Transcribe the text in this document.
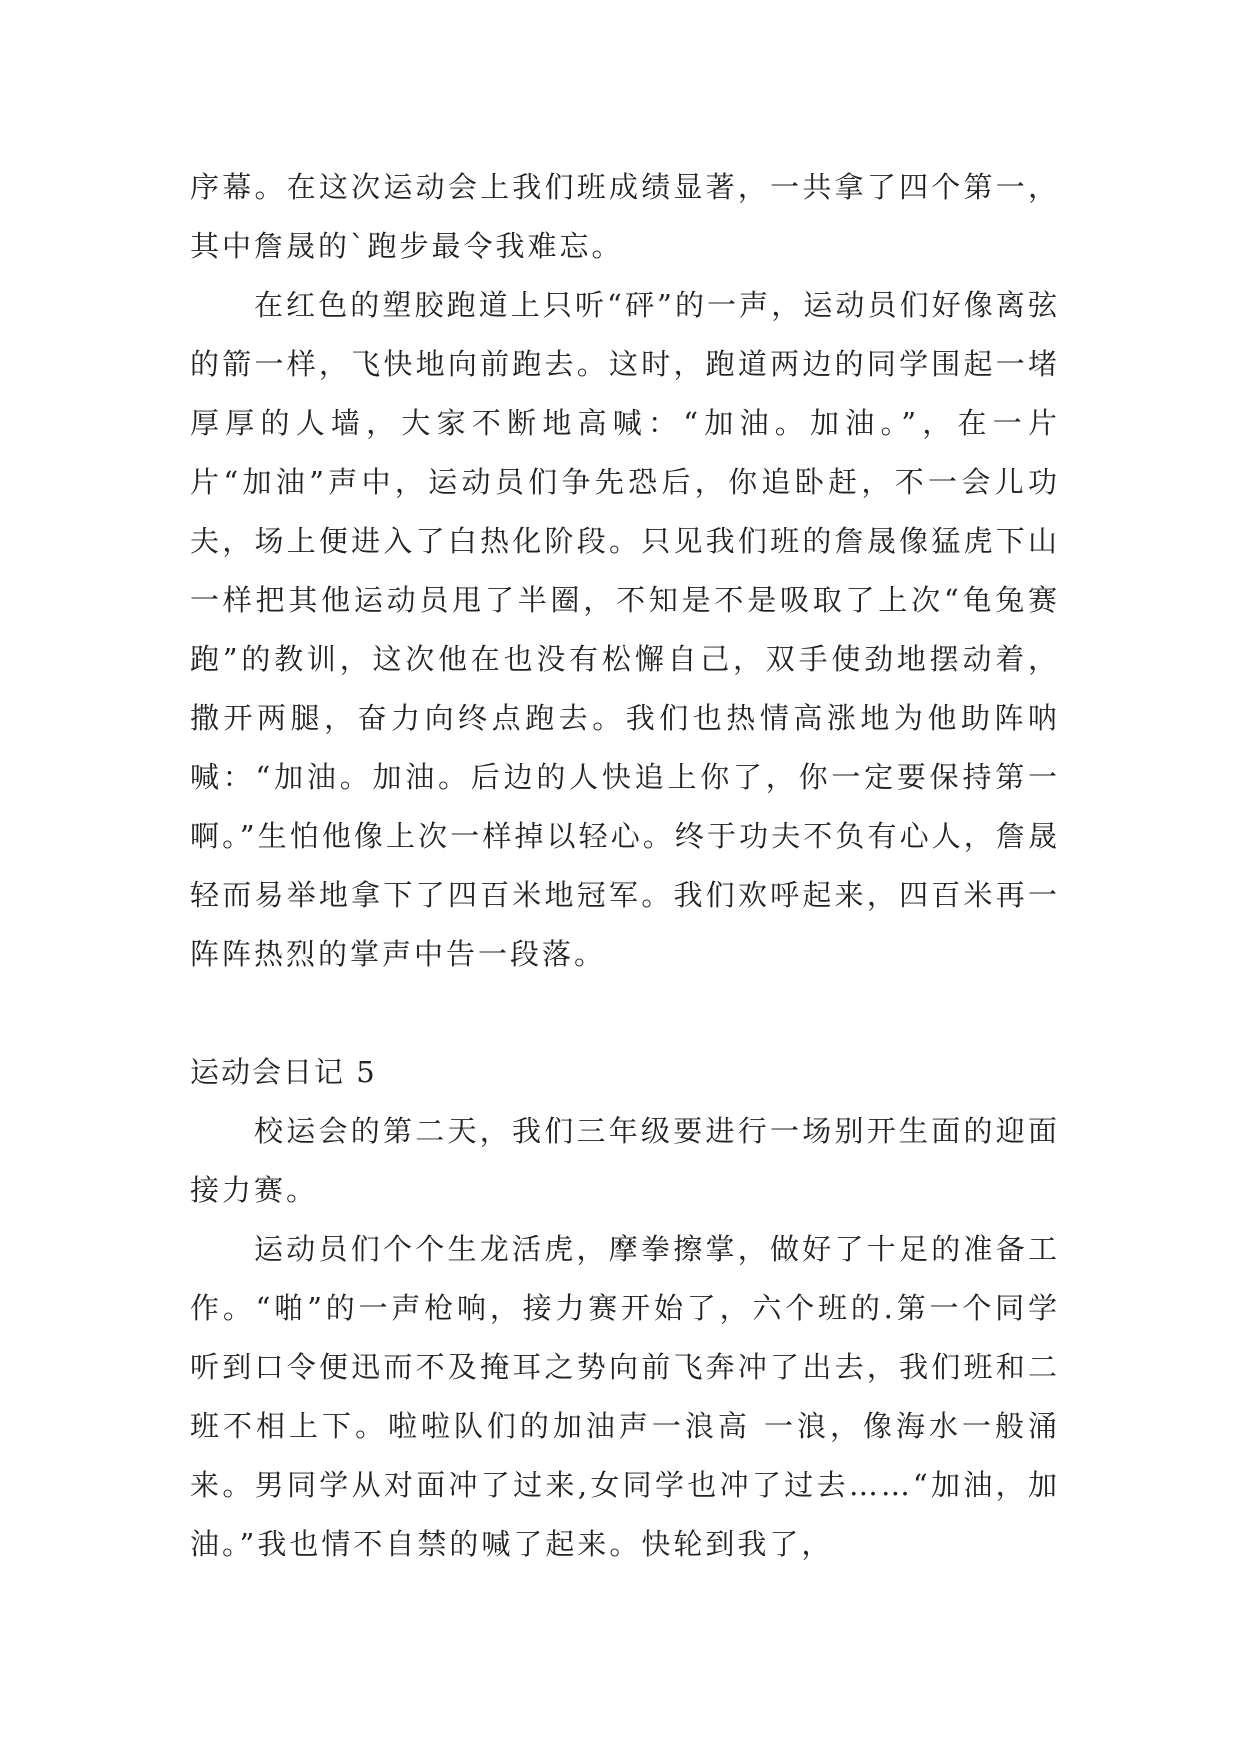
序幕。在这次运动会上我们班成绩显著，一共拿了四个第一，其中詹晟的`跑步最令我难忘。

在红色的塑胶跑道上只听“砰”的一声，运动员们好像离弦的箭一样，飞快地向前跑去。这时，跑道两边的同学围起一堵厚厚的人墙，大家不断地高喊：“加油。加油。”，在一片片“加油”声中，运动员们争先恐后，你追卧赶，不一会儿功夫，场上便进入了白热化阶段。只见我们班的詹晟像猛虎下山一样把其他运动员甩了半圈，不知是不是吸取了上次“龟兔赛跑”的教训，这次他在也没有松懈自己，双手使劲地摆动着，撒开两腿，奋力向终点跑去。我们也热情高涨地为他助阵呐喊：“加油。加油。后边的人快追上你了，你一定要保持第一啊。”生怕他像上次一样掉以轻心。终于功夫不负有心人，詹晟轻而易举地拿下了四百米地冠军。我们欢呼起来，四百米再一阵阵热烈的掌声中告一段落。

运动会日记 5

校运会的第二天，我们三年级要进行一场别开生面的迎面接力赛。

运动员们个个生龙活虎，摩拳擦掌，做好了十足的准备工作。“啪”的一声枪响，接力赛开始了，六个班的.第一个同学听到口令便迅而不及掩耳之势向前飞奔冲了出去，我们班和二班不相上下。啦啦队们的加油声一浪高 一浪，像海水一般涌来。男同学从对面冲了过来,女同学也冲了过去……“加油，加油。”我也情不自禁的喊了起来。快轮到我了，
